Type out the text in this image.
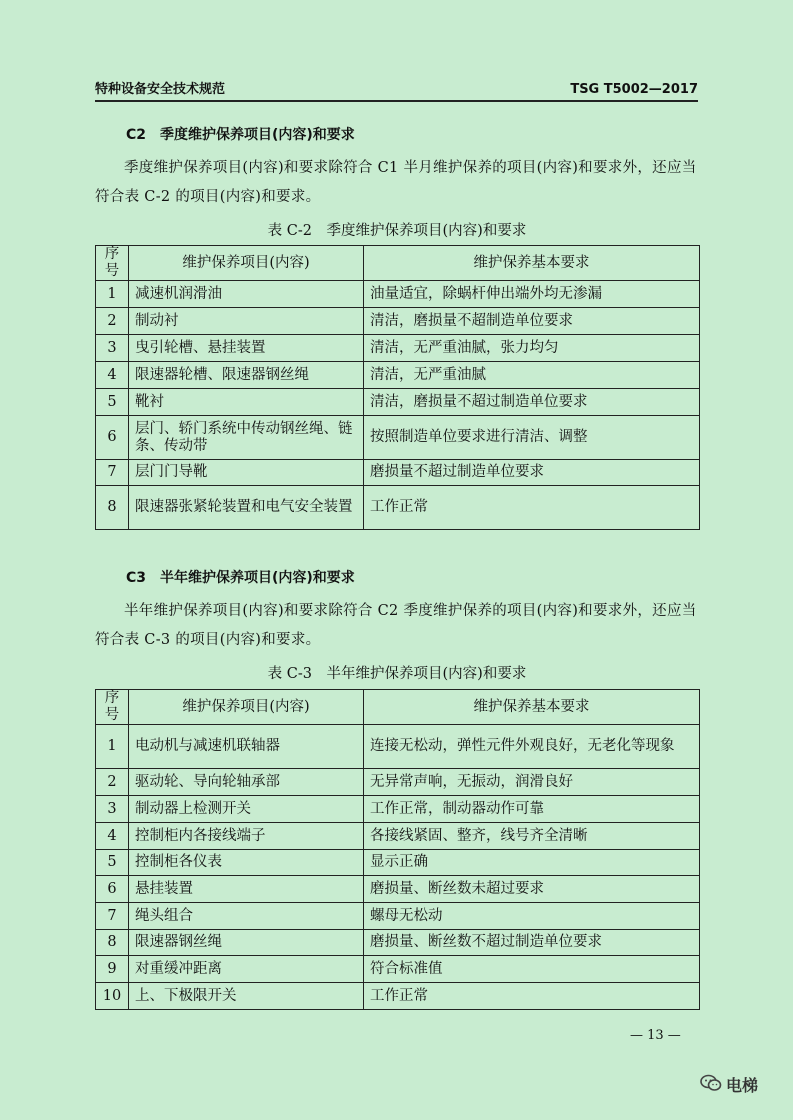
特种设备安全技术规范	TSG T5002—2017
C2　季度维护保养项目(内容)和要求
季度维护保养项目(内容)和要求除符合 C1 半月维护保养的项目(内容)和要求外，还应当符合表 C-2 的项目(内容)和要求。
表 C-2　季度维护保养项目(内容)和要求
序号	维护保养项目(内容)	维护保养基本要求
1	减速机润滑油	油量适宜，除蜗杆伸出端外均无渗漏
2	制动衬	清洁，磨损量不超制造单位要求
3	曳引轮槽、悬挂装置	清洁，无严重油腻，张力均匀
4	限速器轮槽、限速器钢丝绳	清洁，无严重油腻
5	靴衬	清洁，磨损量不超过制造单位要求
6	层门、轿门系统中传动钢丝绳、链条、传动带	按照制造单位要求进行清洁、调整
7	层门门导靴	磨损量不超过制造单位要求
8	限速器张紧轮装置和电气安全装置	工作正常
C3　半年维护保养项目(内容)和要求
半年维护保养项目(内容)和要求除符合 C2 季度维护保养的项目(内容)和要求外，还应当符合表 C-3 的项目(内容)和要求。
表 C-3　半年维护保养项目(内容)和要求
序号	维护保养项目(内容)	维护保养基本要求
1	电动机与减速机联轴器	连接无松动，弹性元件外观良好，无老化等现象
2	驱动轮、导向轮轴承部	无异常声响，无振动，润滑良好
3	制动器上检测开关	工作正常，制动器动作可靠
4	控制柜内各接线端子	各接线紧固、整齐，线号齐全清晰
5	控制柜各仪表	显示正确
6	悬挂装置	磨损量、断丝数未超过要求
7	绳头组合	螺母无松动
8	限速器钢丝绳	磨损量、断丝数不超过制造单位要求
9	对重缓冲距离	符合标准值
10	上、下极限开关	工作正常
— 13 —
电梯
